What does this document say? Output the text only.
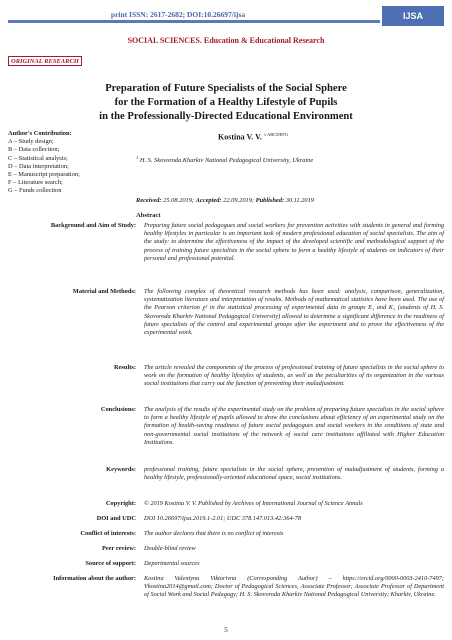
print ISSN: 2617-2682; DOI:10.26697/ijsa	IJSA
SOCIAL SCIENCES. Education & Educational Research
ORIGINAL RESEARCH
Preparation of Future Specialists of the Social Sphere
for the Formation of a Healthy Lifestyle of Pupils
in the Professionally-Directed Educational Environment
Author's Contribution:
A – Study design;
B – Data collection;
C – Statistical analysis;
D – Data interpretation;
E – Manuscript preparation;
F – Literature search;
G – Funds collection
Kostina V. V. $^{1 ABCDEFG}$
$^1$ H. S. Skovoroda Kharkiv National Pedagogical University, Ukraine
Received: 25.08.2019; Accepted: 22.09.2019; Published: 30.11.2019
Abstract
Background and Aim of Study: Preparing future social pedagogues and social workers for prevention activities with students in general and forming healthy lifestyles in particular is an important task of modern professional education of social specialists. The aim of the study: to determine the effectiveness of the impact of the developed scientific and methodological support of the process of training future specialists in the social sphere to form a healthy lifestyle of students on indicators of their personal and professional potential.
Material and Methods: The following complex of theoretical research methods has been used: analysis, comparison, generalization, systematization literature and interpretation of results. Methods of mathematical statistics have been used. The use of the Pearson criterion χ² in the statistical processing of experimental data in groups E₁ and K₁ (students of H. S. Skovoroda Kharkiv National Pedagogical University) allowed to determine a significant difference in the readiness of future specialists of the control and experimental groups after the experiment and to prove the effectiveness of the experimental work.
Results: The article revealed the components of the process of professional training of future specialists in the social sphere to work on the formation of healthy lifestyles of students, as well as the peculiarities of its organization in the various social institutions that carry out the function of preventing their maladjustment.
Conclusions: The analysis of the results of the experimental study on the problem of preparing future specialists in the social sphere to form a healthy lifestyle of pupils allowed to draw the conclusions about efficiency of an experimental study on the formation of health-saving readiness of future social pedagogues and social workers in the conditions of state and non-governmental social institutions of the network of social care institutions affiliated with Higher Education Institutions.
Keywords: professional training, future specialists in the social sphere, prevention of maladjustment of students, forming a healthy lifestyle, professionally-oriented educational space, social institutions.
Copyright: © 2019 Kostina V. V. Published by Archives of International Journal of Science Annals
DOI and UDC DOI 10.26697/ijsa.2019.1-2.01; UDC 378.147.013.42:364-78
Conflict of interests: The author declares that there is no conflict of interests
Peer review: Double-blind review
Source of support: Departmental sources
Information about the author: Kostina Valentyna Viktorivna (Corresponding Author) – https://orcid.org/0000-0003-2410-7497; Vkostina2014@gmail.com; Doctor of Pedagogical Sciences, Associate Professor; Associate Professor of Department of Social Work and Social Pedagogy; H. S. Skovoroda Kharkiv National Pedagogical University; Kharkiv, Ukraine.
5
